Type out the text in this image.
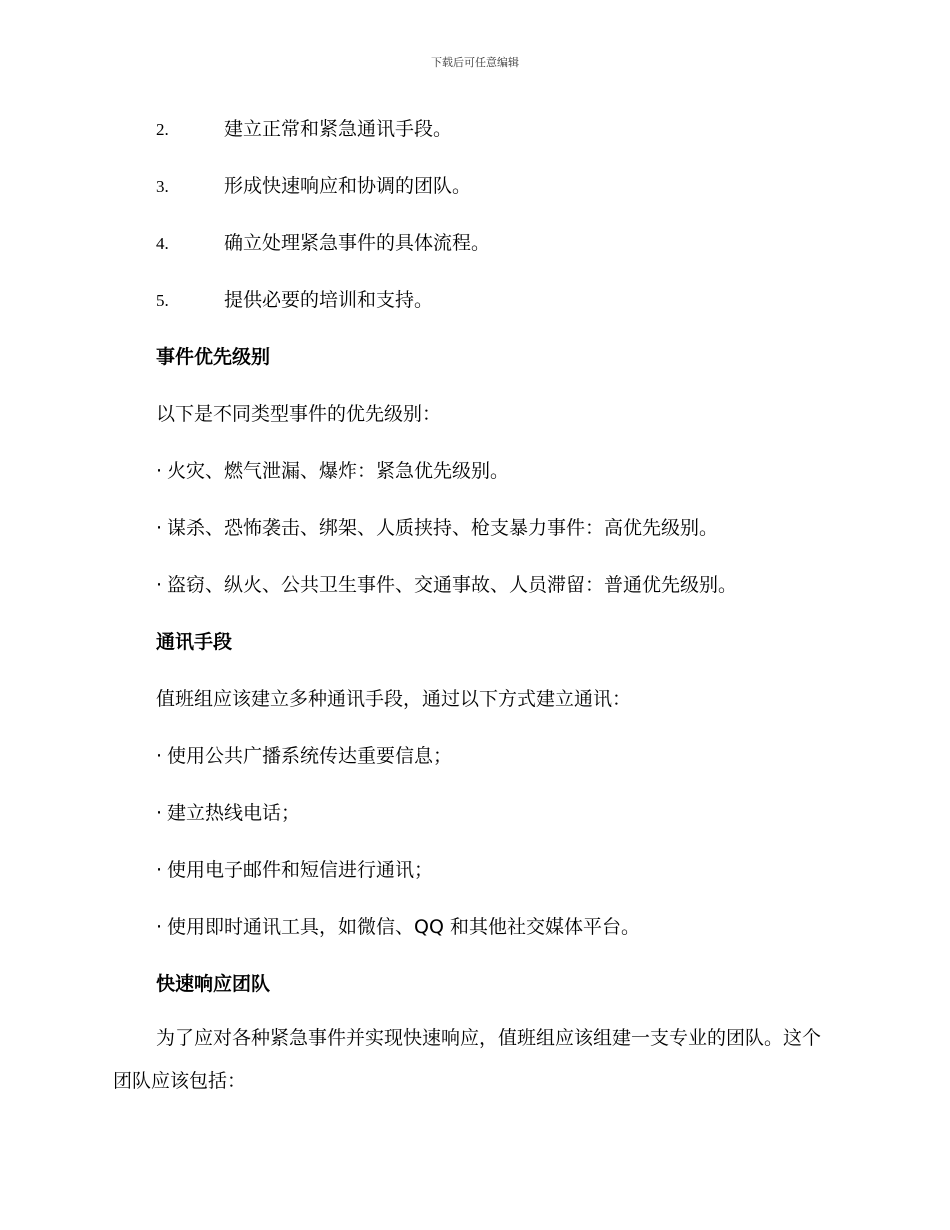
下载后可任意编辑
2.	建立正常和紧急通讯手段。
3.	形成快速响应和协调的团队。
4.	确立处理紧急事件的具体流程。
5.	提供必要的培训和支持。
事件优先级别
以下是不同类型事件的优先级别：
· 火灾、燃气泄漏、爆炸：紧急优先级别。
· 谋杀、恐怖袭击、绑架、人质挟持、枪支暴力事件：高优先级别。
· 盗窃、纵火、公共卫生事件、交通事故、人员滞留：普通优先级别。
通讯手段
值班组应该建立多种通讯手段，通过以下方式建立通讯：
· 使用公共广播系统传达重要信息；
· 建立热线电话；
· 使用电子邮件和短信进行通讯；
· 使用即时通讯工具，如微信、QQ 和其他社交媒体平台。
快速响应团队
为了应对各种紧急事件并实现快速响应，值班组应该组建一支专业的团队。这个团队应该包括：
